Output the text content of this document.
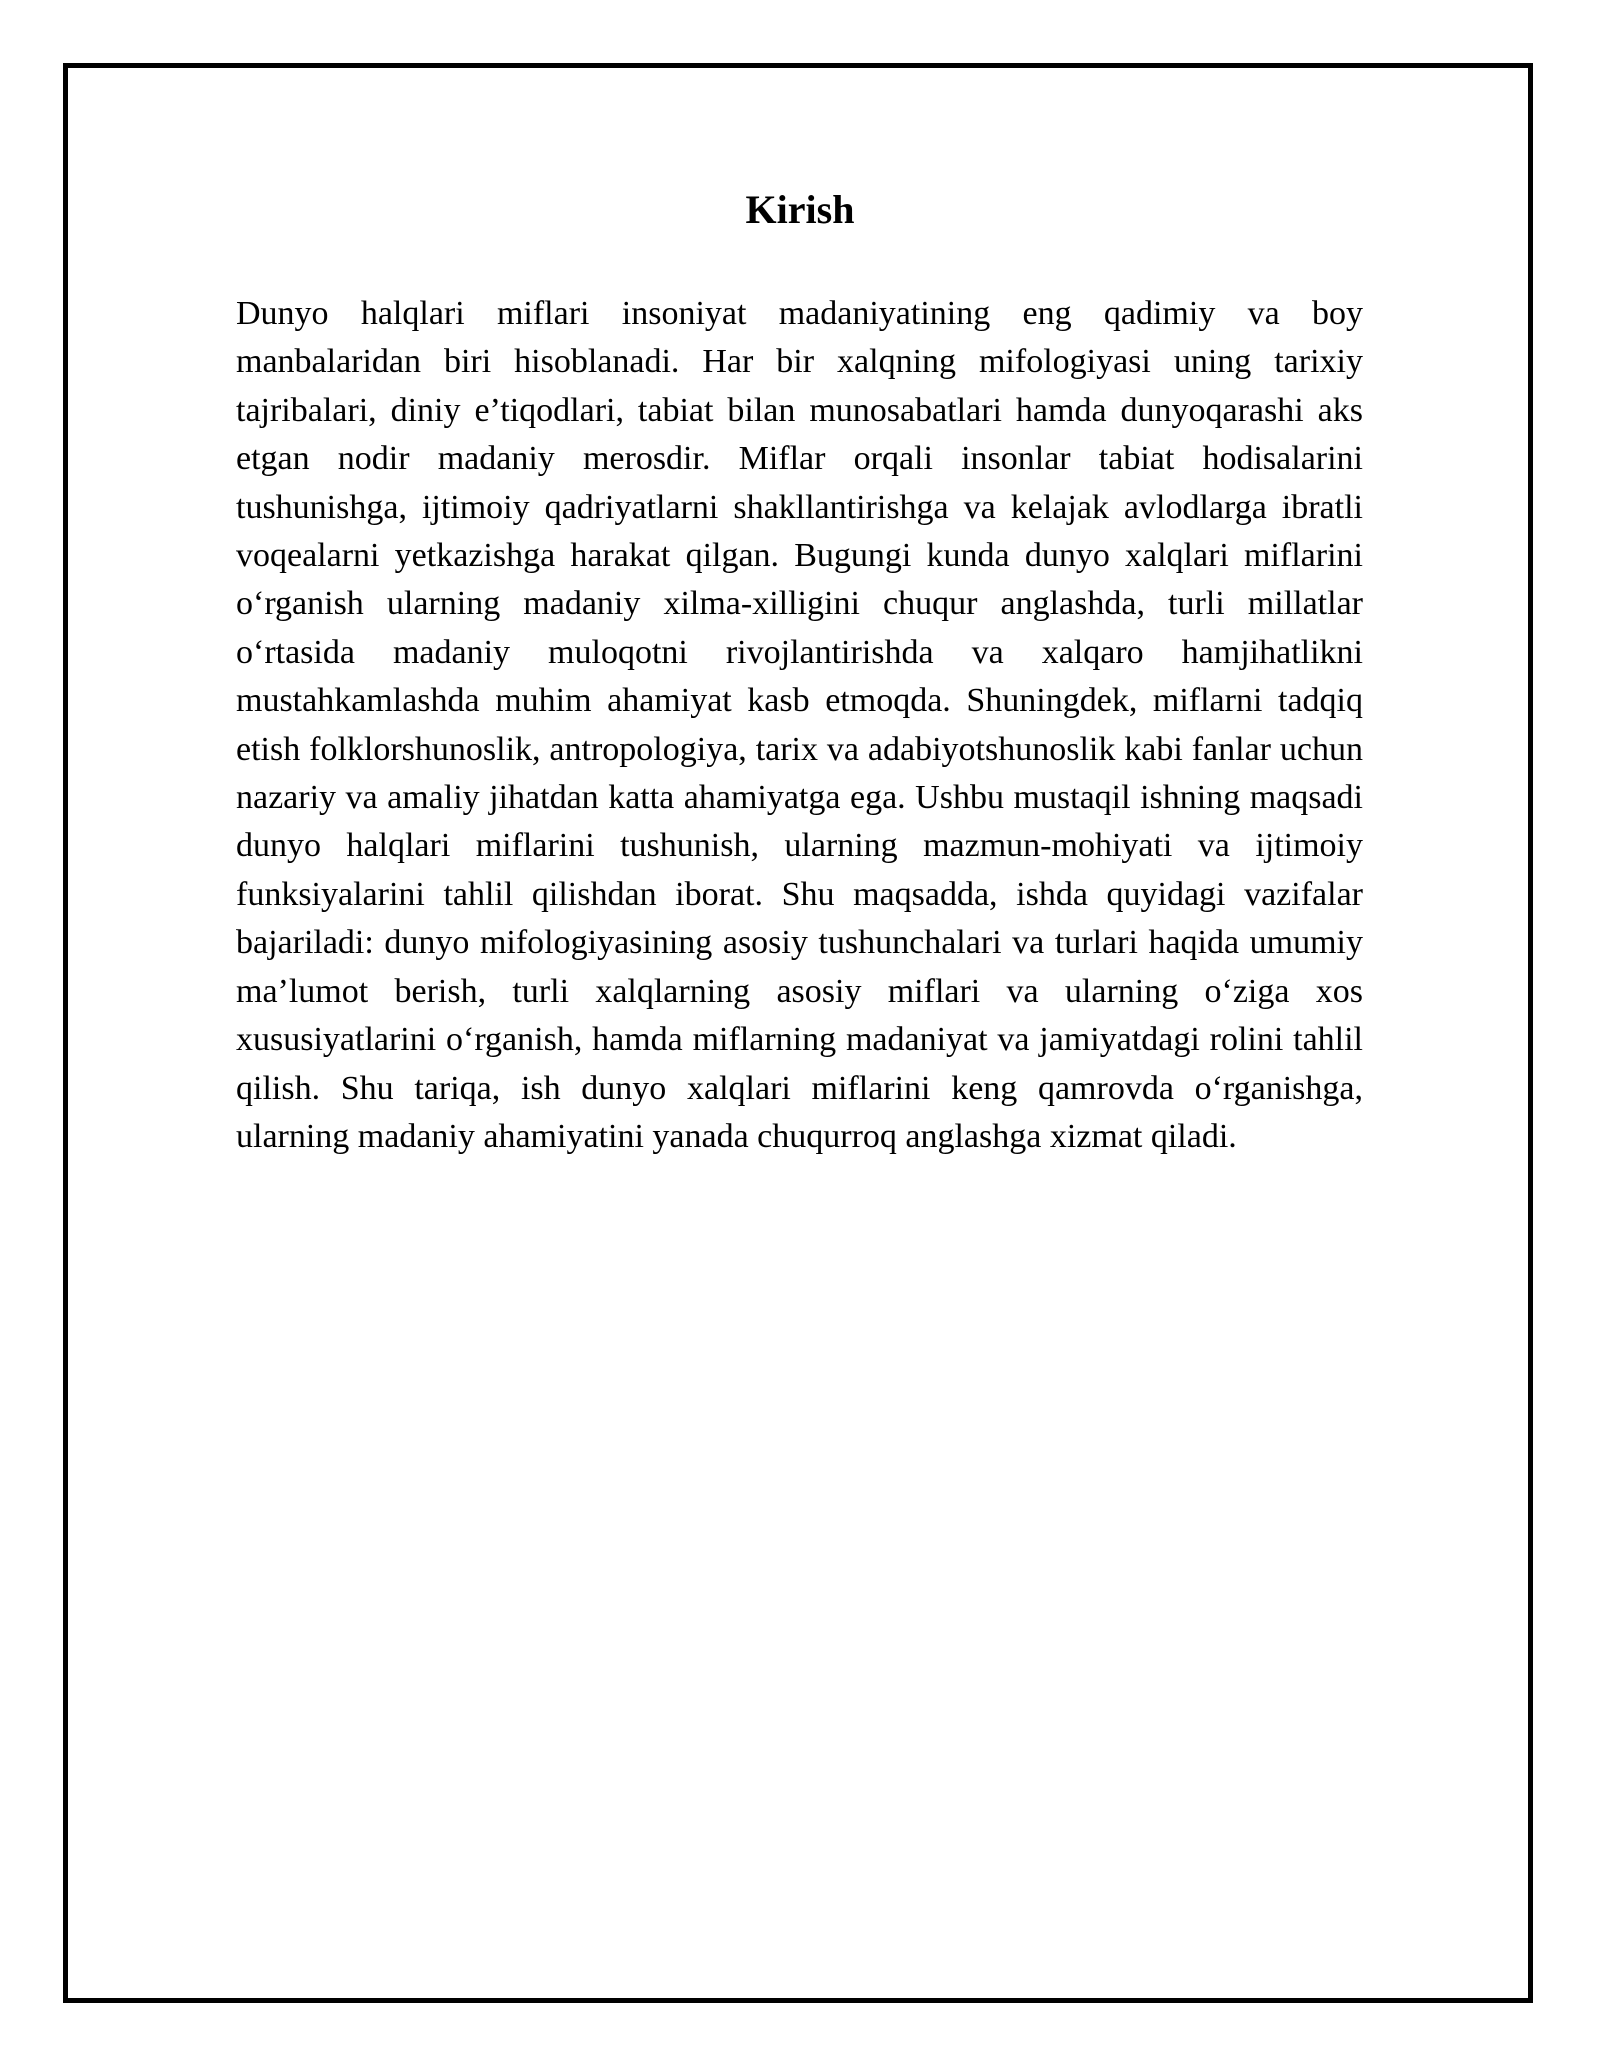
Kirish

Dunyo halqlari miflari insoniyat madaniyatining eng qadimiy va boy manbalaridan biri hisoblanadi. Har bir xalqning mifologiyasi uning tarixiy tajribalari, diniy e’tiqodlari, tabiat bilan munosabatlari hamda dunyoqarashi aks etgan nodir madaniy merosdir. Miflar orqali insonlar tabiat hodisalarini tushunishga, ijtimoiy qadriyatlarni shakllantirishga va kelajak avlodlarga ibratli voqealarni yetkazishga harakat qilgan. Bugungi kunda dunyo xalqlari miflarini o‘rganish ularning madaniy xilma-xilligini chuqur anglashda, turli millatlar o‘rtasida madaniy muloqotni rivojlantirishda va xalqaro hamjihatlikni mustahkamlashda muhim ahamiyat kasb etmoqda. Shuningdek, miflarni tadqiq etish folklorshunoslik, antropologiya, tarix va adabiyotshunoslik kabi fanlar uchun nazariy va amaliy jihatdan katta ahamiyatga ega. Ushbu mustaqil ishning maqsadi dunyo halqlari miflarini tushunish, ularning mazmun-mohiyati va ijtimoiy funksiyalarini tahlil qilishdan iborat. Shu maqsadda, ishda quyidagi vazifalar bajariladi: dunyo mifologiyasining asosiy tushunchalari va turlari haqida umumiy ma’lumot berish, turli xalqlarning asosiy miflari va ularning o‘ziga xos xususiyatlarini o‘rganish, hamda miflarning madaniyat va jamiyatdagi rolini tahlil qilish. Shu tariqa, ish dunyo xalqlari miflarini keng qamrovda o‘rganishga, ularning madaniy ahamiyatini yanada chuqurroq anglashga xizmat qiladi.
